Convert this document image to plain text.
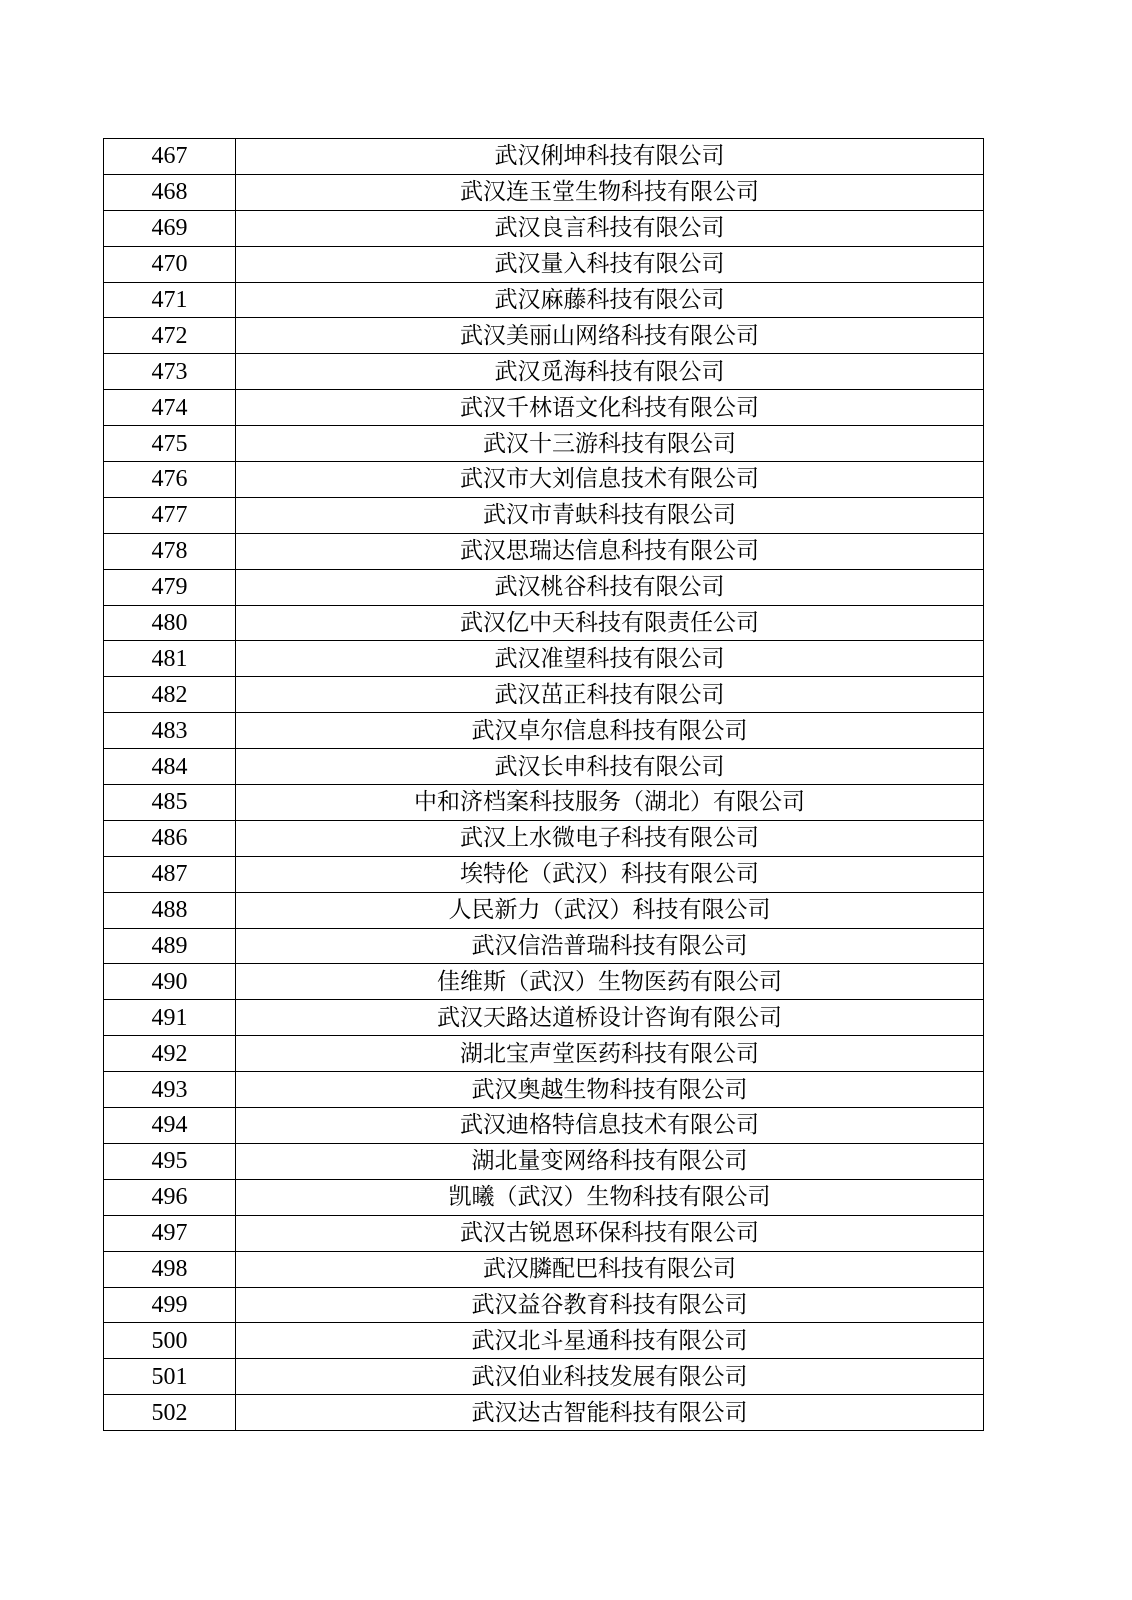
467	武汉俐坤科技有限公司
468	武汉连玉堂生物科技有限公司
469	武汉良言科技有限公司
470	武汉量入科技有限公司
471	武汉麻藤科技有限公司
472	武汉美丽山网络科技有限公司
473	武汉觅海科技有限公司
474	武汉千林语文化科技有限公司
475	武汉十三游科技有限公司
476	武汉市大刘信息技术有限公司
477	武汉市青蚨科技有限公司
478	武汉思瑞达信息科技有限公司
479	武汉桃谷科技有限公司
480	武汉亿中天科技有限责任公司
481	武汉准望科技有限公司
482	武汉茁正科技有限公司
483	武汉卓尔信息科技有限公司
484	武汉长申科技有限公司
485	中和济档案科技服务（湖北）有限公司
486	武汉上水微电子科技有限公司
487	埃特伦（武汉）科技有限公司
488	人民新力（武汉）科技有限公司
489	武汉信浩普瑞科技有限公司
490	佳维斯（武汉）生物医药有限公司
491	武汉天路达道桥设计咨询有限公司
492	湖北宝声堂医药科技有限公司
493	武汉奥越生物科技有限公司
494	武汉迪格特信息技术有限公司
495	湖北量变网络科技有限公司
496	凯曦（武汉）生物科技有限公司
497	武汉古锐恩环保科技有限公司
498	武汉膦配巴科技有限公司
499	武汉益谷教育科技有限公司
500	武汉北斗星通科技有限公司
501	武汉伯业科技发展有限公司
502	武汉达古智能科技有限公司
